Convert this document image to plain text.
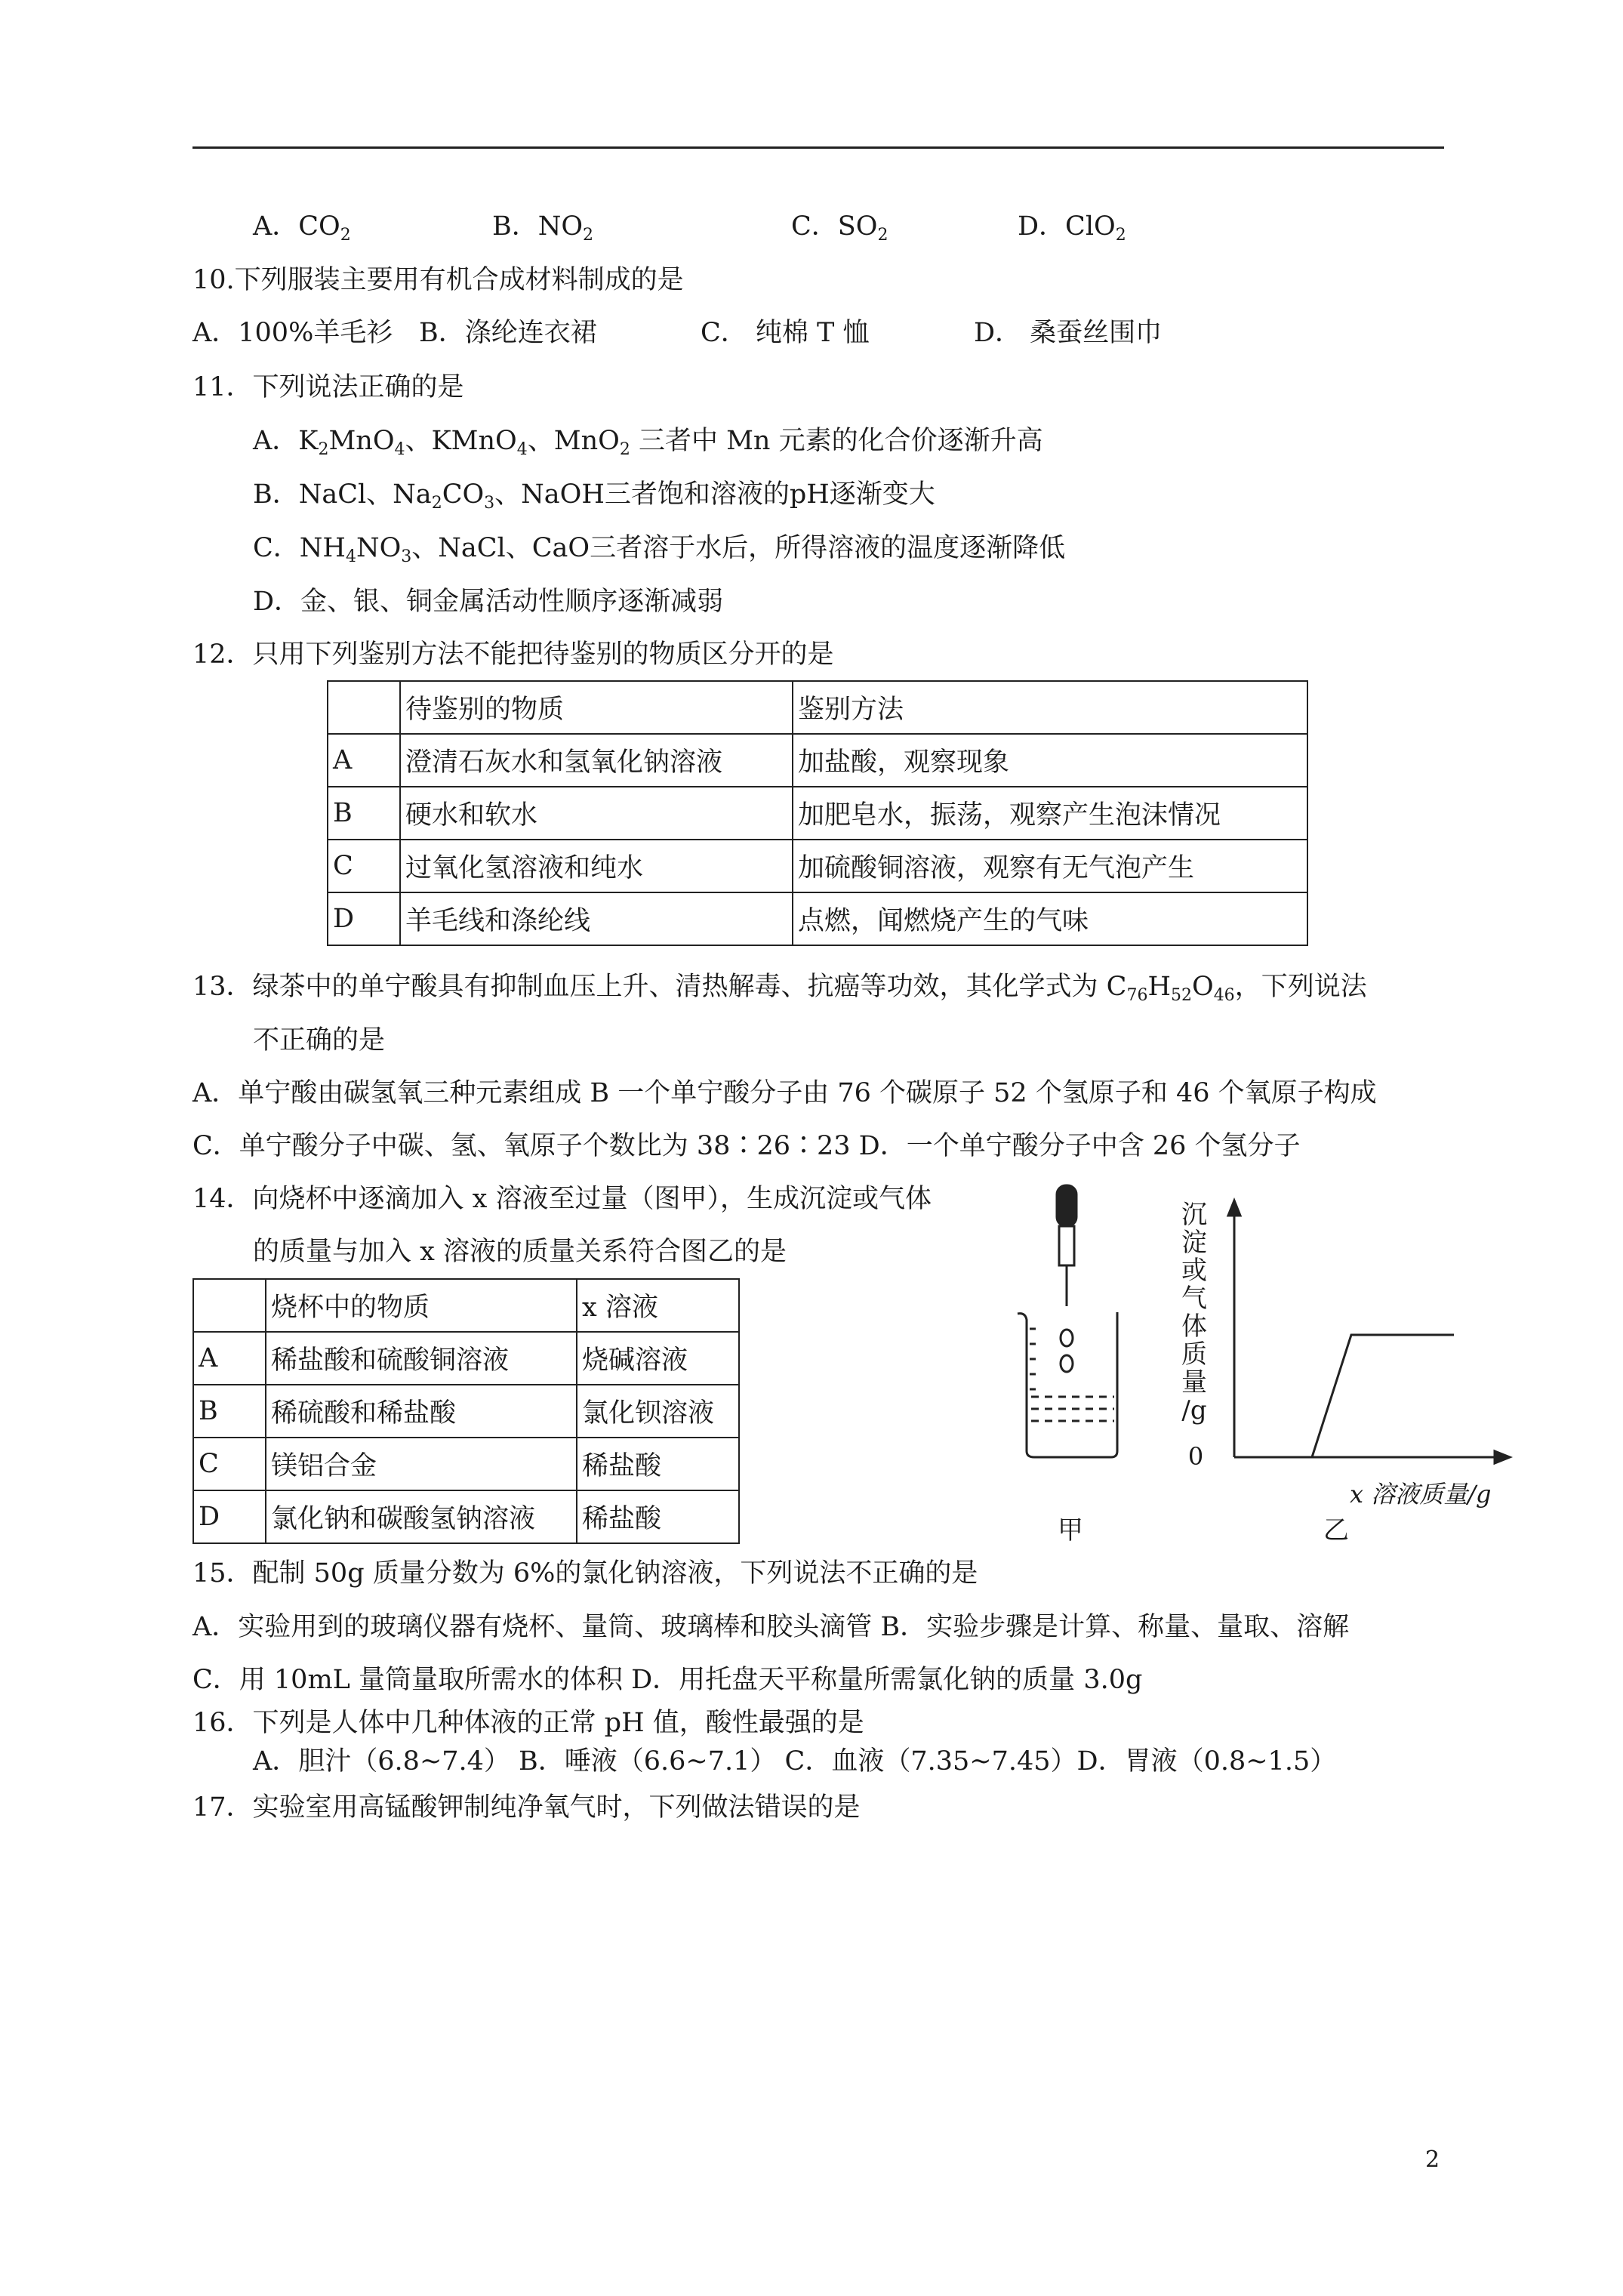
A．$CO_2$	B．$NO_2$	C．$SO_2$	D．ClO$_2$
10.下列服装主要用有机合成材料制成的是
A．100%羊毛衫 B．涤纶连衣裙	C． 纯棉 T 恤	D． 桑蚕丝围巾
11．下列说法正确的是
A．$K_2MnO_4$、KMnO$_4$、MnO$_2$ 三者中 Mn 元素的化合价逐渐升高
B．NaCl、$Na_2CO_3$、NaOH三者饱和溶液的pH逐渐变大
C．$NH_4NO_3$、NaCl、CaO三者溶于水后，所得溶液的温度逐渐降低
D．金、银、铜金属活动性顺序逐渐减弱
12．只用下列鉴别方法不能把待鉴别的物质区分开的是
	待鉴别的物质	鉴别方法
A	澄清石灰水和氢氧化钠溶液	加盐酸，观察现象
B	硬水和软水	加肥皂水，振荡，观察产生泡沫情况
C	过氧化氢溶液和纯水	加硫酸铜溶液，观察有无气泡产生
D	羊毛线和涤纶线	点燃，闻燃烧产生的气味
13．绿茶中的单宁酸具有抑制血压上升、清热解毒、抗癌等功效，其化学式为 $C_{76}H_{52}O_{46}$，下列说法
不正确的是
A．单宁酸由碳氢氧三种元素组成 B 一个单宁酸分子由 76 个碳原子 52 个氢原子和 46 个氧原子构成
C．单宁酸分子中碳、氢、氧原子个数比为 38∶26∶23 D．一个单宁酸分子中含 26 个氢分子
14．向烧杯中逐滴加入 x 溶液至过量（图甲），生成沉淀或气体
的质量与加入 x 溶液的质量关系符合图乙的是
	烧杯中的物质	x 溶液
A	稀盐酸和硫酸铜溶液	烧碱溶液
B	稀硫酸和稀盐酸	氯化钡溶液
C	镁铝合金	稀盐酸
D	氯化钠和碳酸氢钠溶液	稀盐酸
沉
淀
或
气
体
质
量
/g
0
x 溶液质量/g
甲	乙
15．配制 50g 质量分数为 6%的氯化钠溶液，下列说法不正确的是
A．实验用到的玻璃仪器有烧杯、量筒、玻璃棒和胶头滴管 B．实验步骤是计算、称量、量取、溶解
C．用 10mL 量筒量取所需水的体积 D．用托盘天平称量所需氯化钠的质量 3.0g
16．下列是人体中几种体液的正常 pH 值，酸性最强的是
A．胆汁（6.8~7.4） B．唾液（6.6~7.1） C．血液（7.35~7.45）D．胃液（0.8~1.5）
17．实验室用高锰酸钾制纯净氧气时，下列做法错误的是
2
